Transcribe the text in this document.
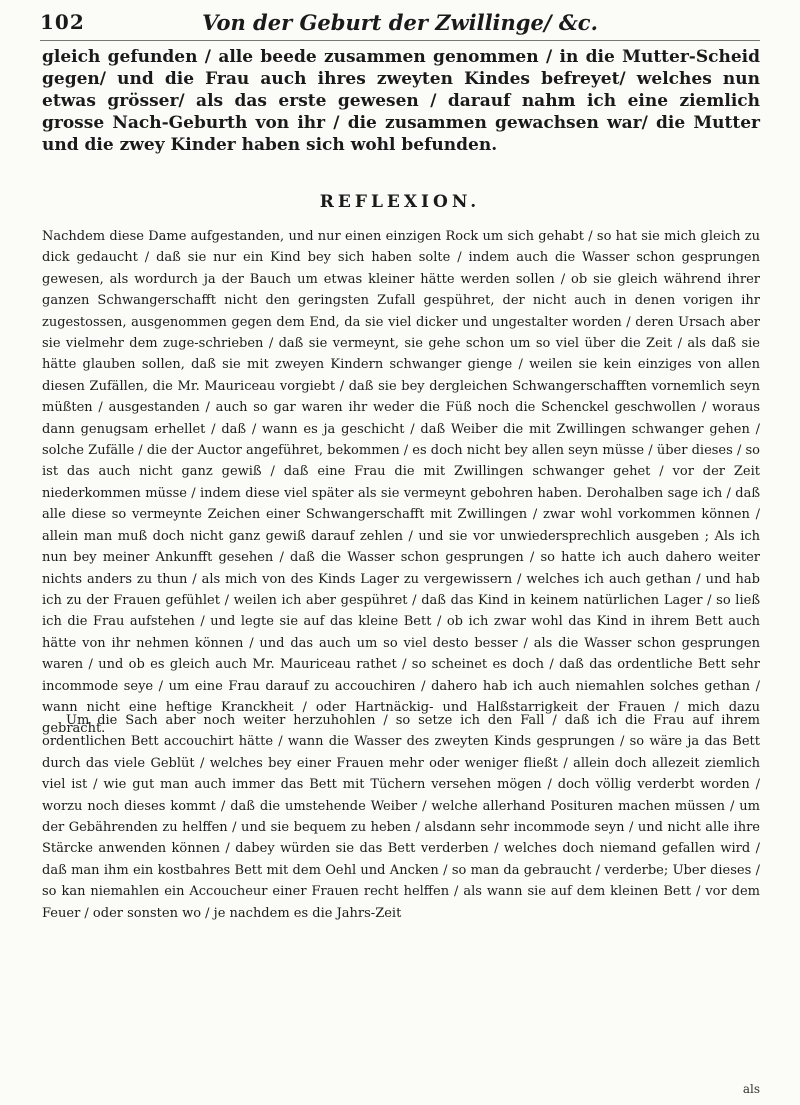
102	Von der Geburt der Zwillinge/ &c.

gleich gefunden / alle beede zusammen genommen / in die Mutter-Scheid gegen/ und die Frau auch ihres zweyten Kindes befreyet/ welches nun etwas grösser/ als das erste gewesen / darauf nahm ich eine ziemlich grosse Nach-Geburth von ihr / die zusammen gewachsen war/ die Mutter und die zwey Kinder haben sich wohl befunden.

REFLEXION.

Nachdem diese Dame aufgestanden, und nur einen einzigen Rock um sich gehabt / so hat sie mich gleich zu dick gedaucht / daß sie nur ein Kind bey sich haben solte / indem auch die Wasser schon gesprungen gewesen, als wordurch ja der Bauch um etwas kleiner hätte werden sollen / ob sie gleich während ihrer ganzen Schwangerschafft nicht den geringsten Zufall gespühret, der nicht auch in denen vorigen ihr zugestossen, ausgenommen gegen dem End, da sie viel dicker und ungestalter worden / deren Ursach aber sie vielmehr dem zuge-schrieben / daß sie vermeynt, sie gehe schon um so viel über die Zeit / als daß sie hätte glauben sollen, daß sie mit zweyen Kindern schwanger gienge / weilen sie kein einziges von allen diesen Zufällen, die Mr. Mauriceau vorgiebt / daß sie bey dergleichen Schwangerschafften vornemlich seyn müßten / ausgestanden / auch so gar waren ihr weder die Füß noch die Schenckel geschwollen / woraus dann genugsam erhellet / daß / wann es ja geschicht / daß Weiber die mit Zwillingen schwanger gehen / solche Zufälle / die der Auctor angeführet, bekommen / es doch nicht bey allen seyn müsse / über dieses / so ist das auch nicht ganz gewiß / daß eine Frau die mit Zwillingen schwanger gehet / vor der Zeit niederkommen müsse / indem diese viel später als sie vermeynt gebohren haben. Derohalben sage ich / daß alle diese so vermeynte Zeichen einer Schwangerschafft mit Zwillingen / zwar wohl vorkommen können / allein man muß doch nicht ganz gewiß darauf zehlen / und sie vor unwiedersprechlich ausgeben ; Als ich nun bey meiner Ankunfft gesehen / daß die Wasser schon gesprungen / so hatte ich auch dahero weiter nichts anders zu thun / als mich von des Kinds Lager zu vergewissern / welches ich auch gethan / und hab ich zu der Frauen gefühlet / weilen ich aber gespühret / daß das Kind in keinem natürlichen Lager / so ließ ich die Frau aufstehen / und legte sie auf das kleine Bett / ob ich zwar wohl das Kind in ihrem Bett auch hätte von ihr nehmen können / und das auch um so viel desto besser / als die Wasser schon gesprungen waren / und ob es gleich auch Mr. Mauriceau rathet / so scheinet es doch / daß das ordentliche Bett sehr incommode seye / um eine Frau darauf zu accouchiren / dahero hab ich auch niemahlen solches gethan / wann nicht eine heftige Kranckheit / oder Hartnäckig- und Halßstarrigkeit der Frauen / mich dazu gebracht.

Um die Sach aber noch weiter herzuhohlen / so setze ich den Fall / daß ich die Frau auf ihrem ordentlichen Bett accouchirt hätte / wann die Wasser des zweyten Kinds gesprungen / so wäre ja das Bett durch das viele Geblüt / welches bey einer Frauen mehr oder weniger fließt / allein doch allezeit ziemlich viel ist / wie gut man auch immer das Bett mit Tüchern versehen mögen / doch völlig verderbt worden / worzu noch dieses kommt / daß die umstehende Weiber / welche allerhand Posituren machen müssen / um der Gebährenden zu helffen / und sie bequem zu heben / alsdann sehr incommode seyn / und nicht alle ihre Stärcke anwenden können / dabey würden sie das Bett verderben / welches doch niemand gefallen wird / daß man ihm ein kostbahres Bett mit dem Oehl und Ancken / so man da gebraucht / verderbe; Uber dieses / so kan niemahlen ein Accoucheur einer Frauen recht helffen / als wann sie auf dem kleinen Bett / vor dem Feuer / oder sonsten wo / je nachdem es die Jahrs-Zeit

als
